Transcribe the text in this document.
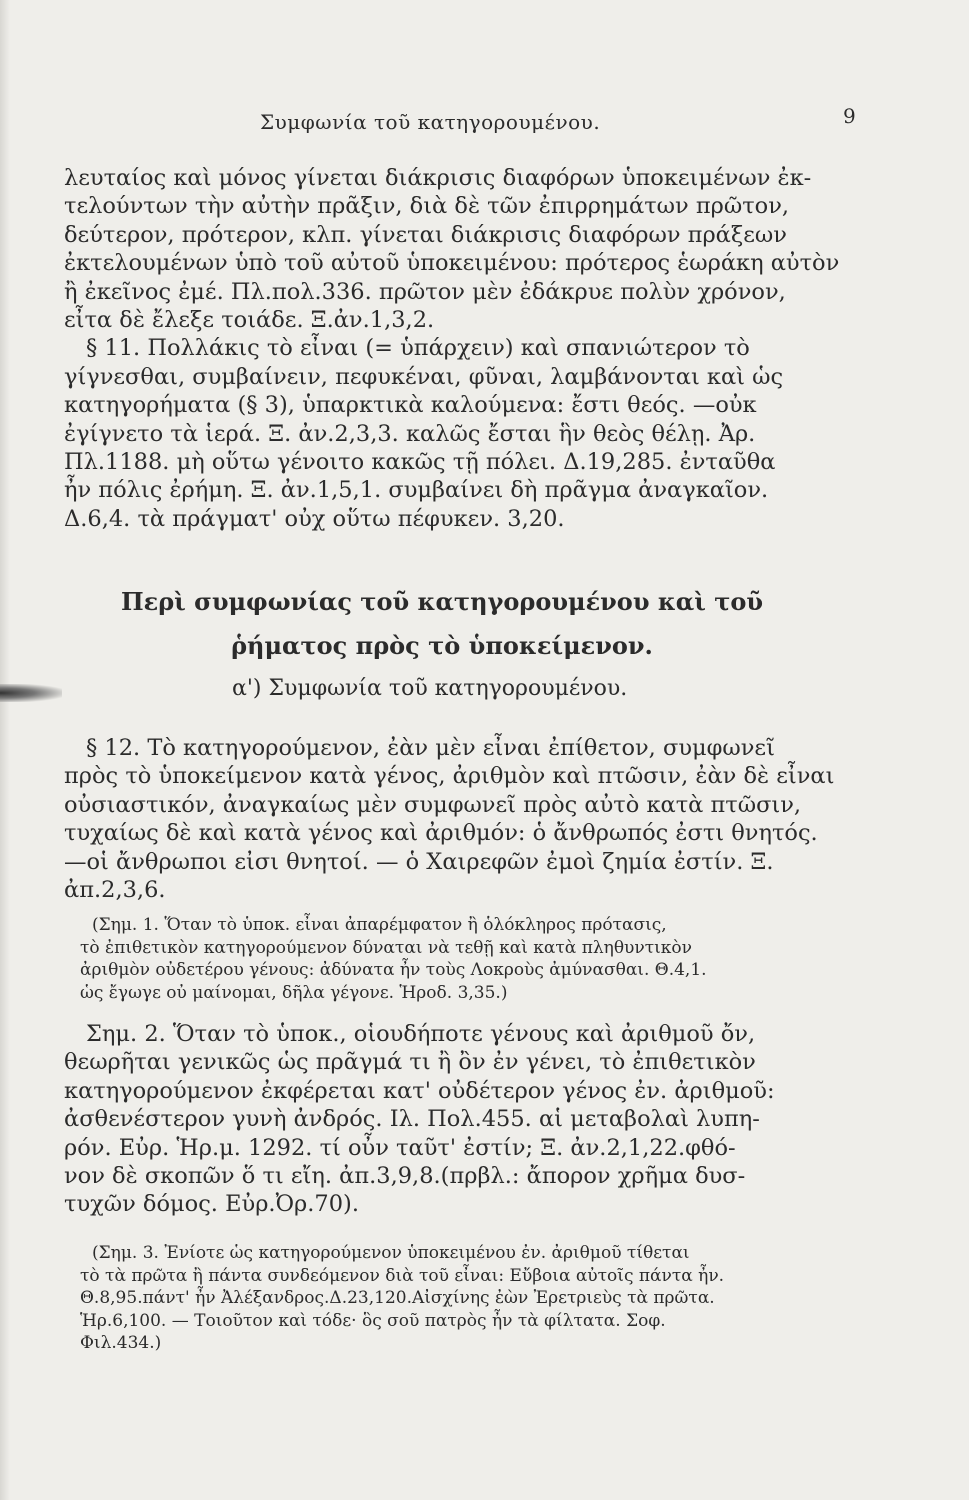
Συμφωνία τοῦ κατηγορουμένου.	9
λευταίος καὶ μόνος γίνεται διάκρισις διαφόρων ὑποκειμένων ἐκ-
τελούντων τὴν αὐτὴν πρᾶξιν, διὰ δὲ τῶν ἐπιρρημάτων πρῶτον,
δεύτερον, πρότερον, κλπ. γίνεται διάκρισις διαφόρων πράξεων
ἐκτελουμένων ὑπὸ τοῦ αὐτοῦ ὑποκειμένου: πρότερος ἑωράκη αὐτὸν
ἢ ἐκεῖνος ἐμέ. Πλ.πολ.336. πρῶτον μὲν ἐδάκρυε πολὺν χρόνον,
εἶτα δὲ ἔλεξε τοιάδε. Ξ.ἀν.1,3,2.
§ 11. Πολλάκις τὸ εἶναι (= ὑπάρχειν) καὶ σπανιώτερον τὸ
γίγνεσθαι, συμβαίνειν, πεφυκέναι, φῦναι, λαμβάνονται καὶ ὡς
κατηγορήματα (§ 3), ὑπαρκτικὰ καλούμενα: ἔστι θεός. —οὐκ
ἐγίγνετο τὰ ἱερά. Ξ. ἀν.2,3,3. καλῶς ἔσται ἣν θεὸς θέλῃ. Ἀρ.
Πλ.1188. μὴ οὕτω γένοιτο κακῶς τῇ πόλει. Δ.19,285. ἐνταῦθα
ἦν πόλις ἐρήμη. Ξ. ἀν.1,5,1. συμβαίνει δὴ πρᾶγμα ἀναγκαῖον.
Δ.6,4. τὰ πράγματ' οὐχ οὕτω πέφυκεν. 3,20.
Περὶ συμφωνίας τοῦ κατηγορουμένου καὶ τοῦ
ῥήματος πρὸς τὸ ὑποκείμενον.
α') Συμφωνία τοῦ κατηγορουμένου.
§ 12. Τὸ κατηγορούμενον, ἐὰν μὲν εἶναι ἐπίθετον, συμφωνεῖ
πρὸς τὸ ὑποκείμενον κατὰ γένος, ἀριθμὸν καὶ πτῶσιν, ἐὰν δὲ εἶναι
οὐσιαστικόν, ἀναγκαίως μὲν συμφωνεῖ πρὸς αὐτὸ κατὰ πτῶσιν,
τυχαίως δὲ καὶ κατὰ γένος καὶ ἀριθμόν: ὁ ἄνθρωπός ἐστι θνητός.
—οἱ ἄνθρωποι εἰσι θνητοί. — ὁ Χαιρεφῶν ἐμοὶ ζημία ἐστίν. Ξ.
ἀπ.2,3,6.
(Σημ. 1. Ὅταν τὸ ὑποκ. εἶναι ἀπαρέμφατον ἢ ὁλόκληρος πρότασις,
τὸ ἐπιθετικὸν κατηγορούμενον δύναται νὰ τεθῇ καὶ κατὰ πληθυντικὸν
ἀριθμὸν οὐδετέρου γένους: ἀδύνατα ἦν τοὺς Λοκροὺς ἀμύνασθαι. Θ.4,1.
ὡς ἔγωγε οὐ μαίνομαι, δῆλα γέγονε. Ἡροδ. 3,35.)
Σημ. 2. Ὅταν τὸ ὑποκ., οἱουδήποτε γένους καὶ ἀριθμοῦ ὄν,
θεωρῆται γενικῶς ὡς πρᾶγμά τι ἢ ὂν ἐν γένει, τὸ ἐπιθετικὸν
κατηγορούμενον ἐκφέρεται κατ' οὐδέτερον γένος ἐν. ἀριθμοῦ:
ἀσθενέστερον γυνὴ ἀνδρός. Ιλ. Πολ.455. αἱ μεταβολαὶ λυπη-
ρόν. Εὐρ. Ἡρ.μ. 1292. τί οὖν ταῦτ' ἐστίν; Ξ. ἀν.2,1,22.φθό-
νον δὲ σκοπῶν ὅ τι εἴη. ἀπ.3,9,8.(πρβλ.: ἄπορον χρῆμα δυσ-
τυχῶν δόμος. Εὐρ.Ὀρ.70).
(Σημ. 3. Ἐνίοτε ὡς κατηγορούμενον ὑποκειμένου ἐν. ἀριθμοῦ τίθεται
τὸ τὰ πρῶτα ἢ πάντα συνδεόμενον διὰ τοῦ εἶναι: Εὔβοια αὐτοῖς πάντα ἦν.
Θ.8,95.πάντ' ἦν Ἀλέξανδρος.Δ.23,120.Αἰσχίνης ἐὼν Ἐρετριεὺς τὰ πρῶτα.
Ἡρ.6,100. — Τοιοῦτον καὶ τόδε· ὃς σοῦ πατρὸς ἦν τὰ φίλτατα. Σοφ.
Φιλ.434.)
